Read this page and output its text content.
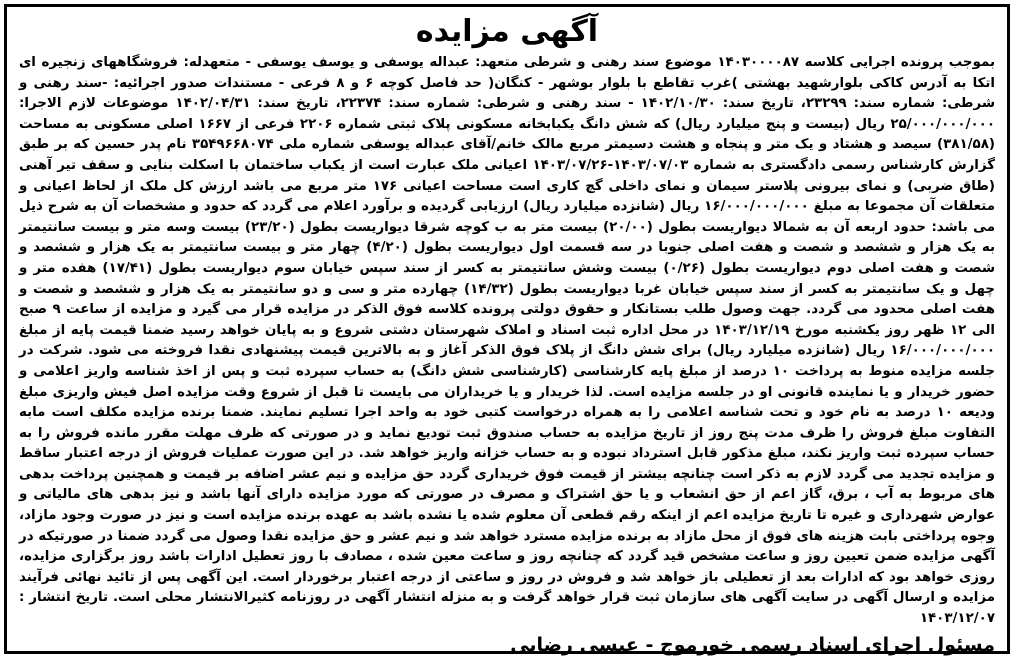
آگهی مزایده

بموجب پرونده اجرایی کلاسه ۱۴۰۳۰۰۰۰۸۷ موضوع سند رهنی و شرطی متعهد: عبداله یوسفی و یوسف یوسفی - متعهدله: فروشگاههای زنجیره ای اتکا به آدرس کاکی بلوارشهید بهشتی )غرب تقاطع با بلوار بوشهر - کنگان( حد فاصل کوچه ۶ و ۸ فرعی - مستندات صدور اجرائیه: -سند رهنی و شرطی: شماره سند: ۲۳۲۹۹، تاریخ سند: ۱۴۰۲/۱۰/۳۰ - سند رهنی و شرطی: شماره سند: ۲۲۳۷۴، تاریخ سند: ۱۴۰۲/۰۴/۳۱ موضوعات لازم الاجرا: ۲۵/۰۰۰/۰۰۰/۰۰۰ ریال (بیست و پنج میلیارد ریال) که شش دانگ یکبابخانه مسکونی پلاک ثبتی شماره ۲۲۰۶ فرعی از ۱۶۶۷ اصلی مسکونی به مساحت (۳۸۱/۵۸) سیصد و هشتاد و یک متر و پنجاه و هشت دسیمتر مربع مالک خانم/آقای عبداله یوسفی شماره ملی ۳۵۴۹۶۶۸۰۷۴ نام پدر حسین که بر طبق گزارش کارشناس رسمی دادگستری به شماره ۱۴۰۳/۰۷/۰۳-۱۴۰۳/۰۷/۲۶ اعیانی ملک عبارت است از یکباب ساختمان با اسکلت بنایی و سقف تیر آهنی (طاق ضربی) و نمای بیرونی پلاستر سیمان و نمای داخلی گچ کاری است مساحت اعیانی ۱۷۶ متر مربع می باشد ارزش کل ملک از لحاظ اعیانی و متعلقات آن مجموعا به مبلغ ۱۶/۰۰۰/۰۰۰/۰۰۰ ریال (شانزده میلیارد ریال) ارزیابی گردیده و برآورد اعلام می گردد که حدود و مشخصات آن به شرح ذیل می باشد: حدود اربعه آن به شمالا دیواریست بطول (۲۰/۰۰) بیست متر به ب کوچه شرقا دیواریست بطول (۲۳/۲۰) بیست وسه متر و بیست سانتیمتر به یک هزار و ششصد و شصت و هفت اصلی جنوبا در سه قسمت اول دیواریست بطول (۴/۲۰) چهار متر و بیست سانتیمتر به یک هزار و ششصد و شصت و هفت اصلی دوم دیواریست بطول (۰/۲۶) بیست وشش سانتیمتر به کسر از سند سپس خیابان سوم دیواریست بطول (۱۷/۴۱) هفده متر و چهل و یک سانتیمتر به کسر از سند سپس خیابان غربا دیواریست بطول (۱۴/۳۲) چهارده متر و سی و دو سانتیمتر به یک هزار و ششصد و شصت و هفت اصلی محدود می گردد. جهت وصول طلب بستانکار و حقوق دولتی پرونده کلاسه فوق الذکر در مزایده قرار می گیرد و مزایده از ساعت ۹ صبح الی ۱۲ ظهر روز یکشنبه مورخ ۱۴۰۳/۱۲/۱۹ در محل اداره ثبت اسناد و املاک شهرستان دشتی شروع و به پایان خواهد رسید ضمنا قیمت پایه از مبلغ ۱۶/۰۰۰/۰۰۰/۰۰۰ ریال (شانزده میلیارد ریال) برای شش دانگ از پلاک فوق الذکر آغاز و به بالاترین قیمت پیشنهادی نقدا فروخته می شود. شرکت در جلسه مزایده منوط به پرداخت ۱۰ درصد از مبلغ پایه کارشناسی (کارشناسی شش دانگ) به حساب سپرده ثبت و پس از اخذ شناسه واریز اعلامی و حضور خریدار و یا نماینده قانونی او در جلسه مزایده است. لذا خریدار و یا خریداران می بایست تا قبل از شروع وقت مزایده اصل فیش واریزی مبلغ ودیعه ۱۰ درصد به نام خود و تحت شناسه اعلامی را به همراه درخواست کتبی خود به واحد اجرا تسلیم نمایند. ضمنا برنده مزایده مکلف است مابه التفاوت مبلغ فروش را ظرف مدت پنج روز از تاریخ مزایده به حساب صندوق ثبت تودیع نماید و در صورتی که ظرف مهلت مقرر مانده فروش را به حساب سپرده ثبت واریز نکند، مبلغ مذکور قابل استرداد نبوده و به حساب خزانه واریز خواهد شد. در این صورت عملیات فروش از درجه اعتبار ساقط و مزایده تجدید می گردد لازم به ذکر است چنانچه بیشتر از قیمت فوق خریداری گردد حق مزایده و نیم عشر اضافه بر قیمت و همچنین پرداخت بدهی های مربوط به آب ، برق، گاز اعم از حق انشعاب و یا حق اشتراک و مصرف در صورتی که مورد مزایده دارای آنها باشد و نیز بدهی های مالیاتی و عوارض شهرداری و غیره تا تاریخ مزایده اعم از اینکه رقم قطعی آن معلوم شده یا نشده باشد به عهده برنده مزایده است و نیز در صورت وجود مازاد، وجوه پرداختی بابت هزینه های فوق از محل مازاد به برنده مزایده مسترد خواهد شد و نیم عشر و حق مزایده نقدا وصول می گردد ضمنا در صورتیکه در آگهی مزایده ضمن تعیین روز و ساعت مشخص قید گردد که چنانچه روز و ساعت معین شده ، مصادف با روز تعطیل ادارات باشد روز برگزاری مزایده، روزی خواهد بود که ادارات بعد از تعطیلی باز خواهد شد و فروش در روز و ساعتی از درجه اعتبار برخوردار است. این آگهی پس از تائید نهائی فرآیند مزایده و ارسال آگهی در سایت آگهی های سازمان ثبت قرار خواهد گرفت و به منزله انتشار آگهی در روزنامه کثیرالانتشار محلی است. تاریخ انتشار : ۱۴۰۳/۱۲/۰۷

مسئول اجرای اسناد رسمی خورموج - عیسی رضایی
